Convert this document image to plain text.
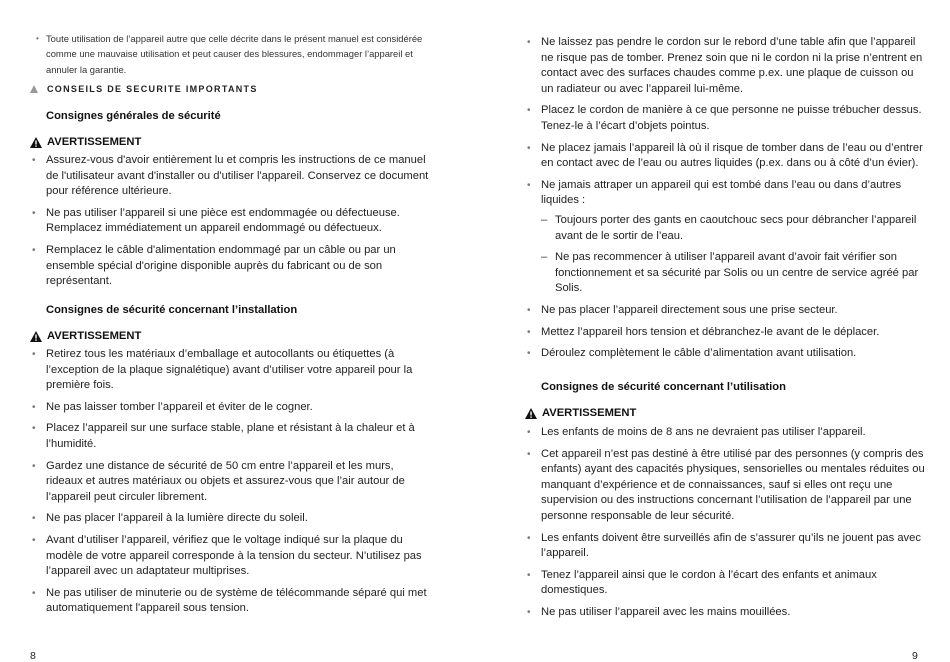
• Toute utilisation de l’appareil autre que celle décrite dans le présent manuel est considérée comme une mauvaise utilisation et peut causer des blessures, endommager l’appareil et annuler la garantie.
CONSEILS DE SECURITE IMPORTANTS
Consignes générales de sécurité
AVERTISSEMENT
• Assurez-vous d'avoir entièrement lu et compris les instructions de ce manuel de l'utilisateur avant d'installer ou d'utiliser l'appareil. Conservez ce document pour référence ultérieure.
• Ne pas utiliser l’appareil si une pièce est endommagée ou défectueuse. Remplacez immédiatement un appareil endommagé ou défectueux.
• Remplacez le câble d'alimentation endommagé par un câble ou par un ensemble spécial d'origine disponible auprès du fabricant ou de son représentant.
Consignes de sécurité concernant l’installation
AVERTISSEMENT
• Retirez tous les matériaux d’emballage et autocollants ou étiquettes (à l’exception de la plaque signalétique) avant d’utiliser votre appareil pour la première fois.
• Ne pas laisser tomber l’appareil et éviter de le cogner.
• Placez l’appareil sur une surface stable, plane et résistant à la chaleur et à l’humidité.
• Gardez une distance de sécurité de 50 cm entre l’appareil et les murs, rideaux et autres matériaux ou objets et assurez-vous que l’air autour de l’appareil peut circuler librement.
• Ne pas placer l’appareil à la lumière directe du soleil.
• Avant d’utiliser l’appareil, vérifiez que le voltage indiqué sur la plaque du modèle de votre appareil corresponde à la tension du secteur. N’utilisez pas l’appareil avec un adaptateur multiprises.
• Ne pas utiliser de minuterie ou de système de télécommande séparé qui met automatiquement l'appareil sous tension.
8
• Ne laissez pas pendre le cordon sur le rebord d’une table afin que l’appareil ne risque pas de tomber. Prenez soin que ni le cordon ni la prise n’entrent en contact avec des surfaces chaudes comme p.ex. une plaque de cuisson ou un radiateur ou avec l’appareil lui-même.
• Placez le cordon de manière à ce que personne ne puisse trébucher dessus. Tenez-le à l’écart d’objets pointus.
• Ne placez jamais l’appareil là où il risque de tomber dans de l’eau ou d’entrer en contact avec de l’eau ou autres liquides (p.ex. dans ou à côté d’un évier).
• Ne jamais attraper un appareil qui est tombé dans l’eau ou dans d’autres liquides :
– Toujours porter des gants en caoutchouc secs pour débrancher l’appareil avant de le sortir de l’eau.
– Ne pas recommencer à utiliser l’appareil avant d’avoir fait vérifier son fonctionnement et sa sécurité par Solis ou un centre de service agréé par Solis.
• Ne pas placer l’appareil directement sous une prise secteur.
• Mettez l’appareil hors tension et débranchez-le avant de le déplacer.
• Déroulez complètement le câble d’alimentation avant utilisation.
Consignes de sécurité concernant l’utilisation
AVERTISSEMENT
• Les enfants de moins de 8 ans ne devraient pas utiliser l’appareil.
• Cet appareil n’est pas destiné à être utilisé par des personnes (y compris des enfants) ayant des capacités physiques, sensorielles ou mentales réduites ou manquant d’expérience et de connaissances, sauf si elles ont reçu une supervision ou des instructions concernant l’utilisation de l’appareil par une personne responsable de leur sécurité.
• Les enfants doivent être surveillés afin de s’assurer qu’ils ne jouent pas avec l’appareil.
• Tenez l’appareil ainsi que le cordon à l’écart des enfants et animaux domestiques.
• Ne pas utiliser l’appareil avec les mains mouillées.
9
